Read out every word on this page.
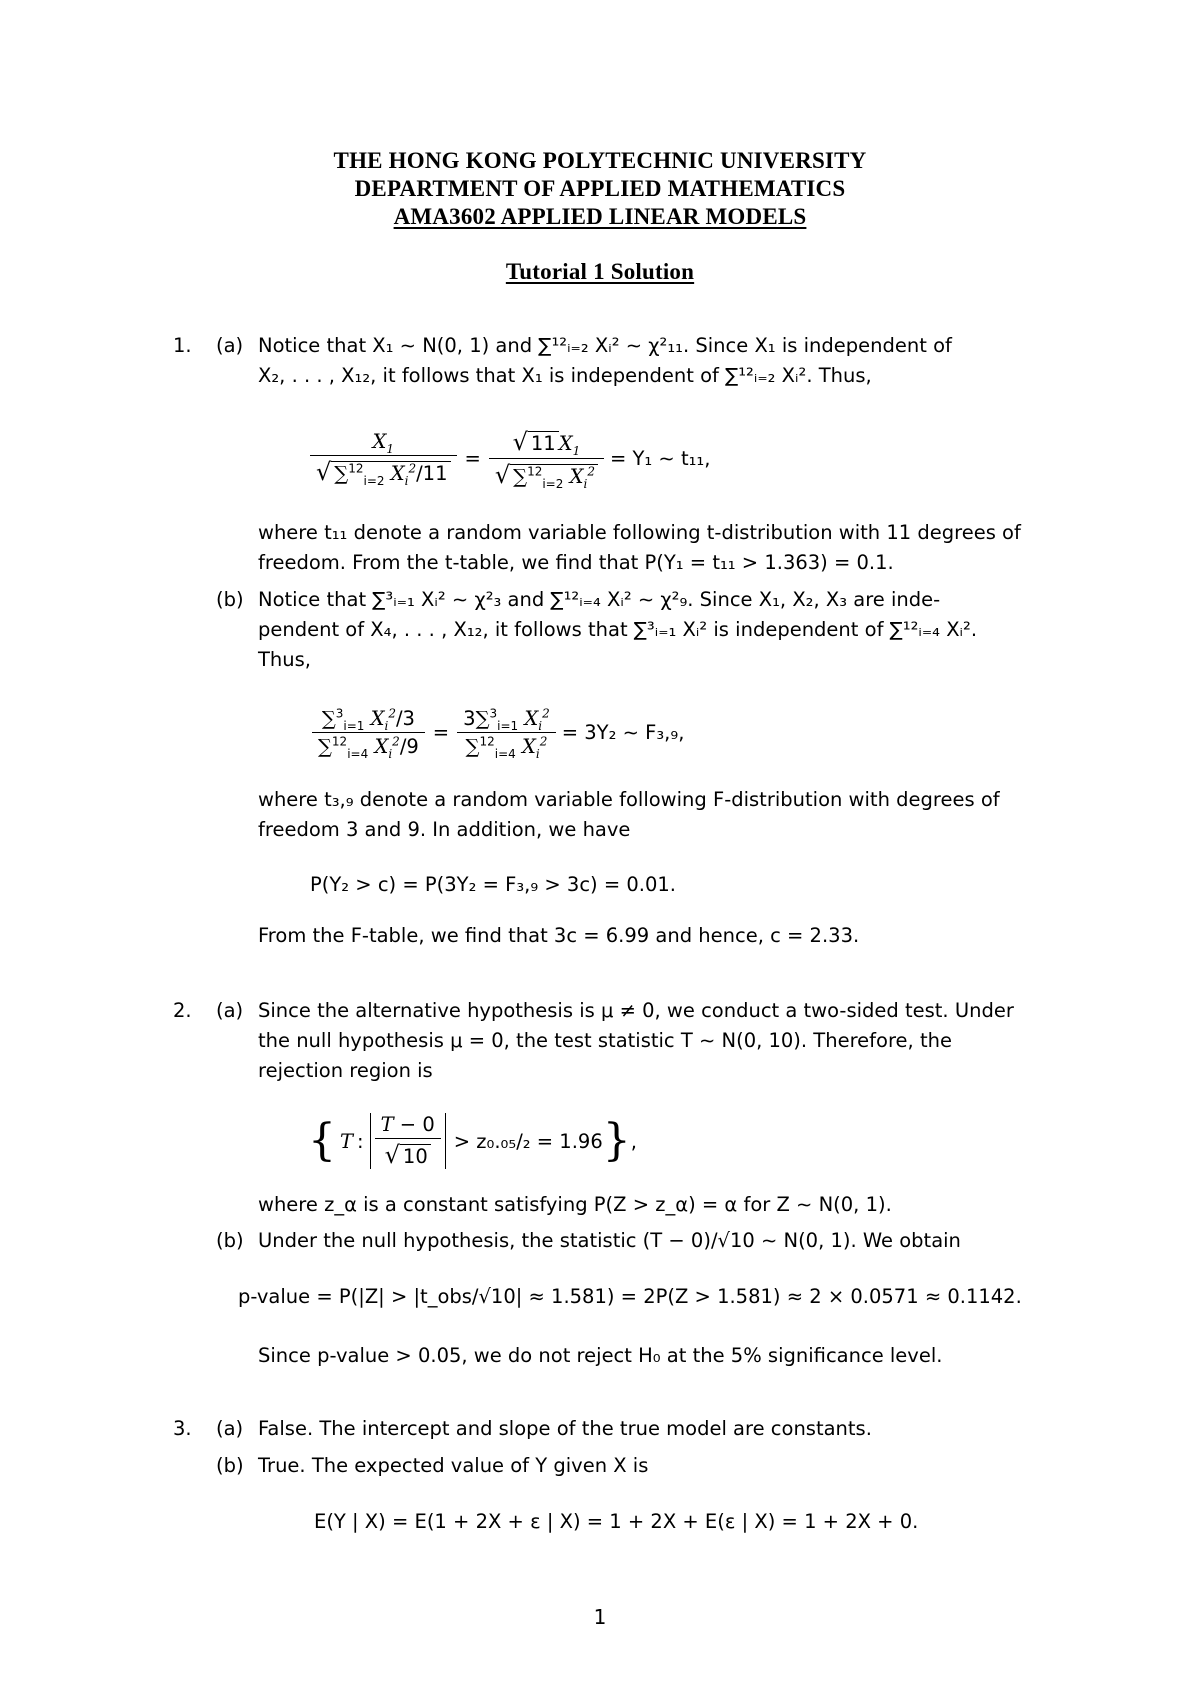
THE HONG KONG POLYTECHNIC UNIVERSITY
DEPARTMENT OF APPLIED MATHEMATICS
AMA3602 APPLIED LINEAR MODELS
Tutorial 1 Solution
1. (a) Notice that X₁ ∼ N(0, 1) and ∑¹²ᵢ₌₂ Xᵢ² ∼ χ²₁₁. Since X₁ is independent of
X₂, . . . , X₁₂, it follows that X₁ is independent of ∑¹²ᵢ₌₂ Xᵢ². Thus,
$\frac{X_1}{√ \sum^{12}_{i=2} X_i^2/11} = \frac{√ 11 X_1}{√ \sum^{12}_{i=2} X_i^2} = Y_1$ ∼ t₁₁,
where t₁₁ denote a random variable following t-distribution with 11 degrees of
freedom. From the t-table, we find that P(Y₁ = t₁₁ > 1.363) = 0.1.
(b) Notice that ∑³ᵢ₌₁ Xᵢ² ∼ χ²₃ and ∑¹²ᵢ₌₄ Xᵢ² ∼ χ²₉. Since X₁, X₂, X₃ are inde-
pendent of X₄, . . . , X₁₂, it follows that ∑³ᵢ₌₁ Xᵢ² is independent of ∑¹²ᵢ₌₄ Xᵢ².
Thus,
$\frac{\sum^3_{i=1} X_i^2/3}{\sum^{12}_{i=4} X_i^2/9} = \frac{3\sum^3_{i=1} X_i^2}{\sum^{12}_{i=4} X_i^2} = 3Y_2$ ∼ F₃,₉,
where t₃,₉ denote a random variable following F-distribution with degrees of
freedom 3 and 9. In addition, we have
P(Y₂ > c) = P(3Y₂ = F₃,₉ > 3c) = 0.01.
From the F-table, we find that 3c = 6.99 and hence, c = 2.33.
2. (a) Since the alternative hypothesis is μ ≠ 0, we conduct a two-sided test. Under
the null hypothesis μ = 0, the test statistic T ∼ N(0, 10). Therefore, the
rejection region is
{ T : $\frac{T - 0}{√ 10} > z_0._{05}/_2 = 1.96$ } ,
where z_α is a constant satisfying P(Z > z_α) = α for Z ∼ N(0, 1).
(b) Under the null hypothesis, the statistic (T − 0)/√10 ∼ N(0, 1). We obtain
p-value = P(|Z| > |t_obs/√10| ≈ 1.581) = 2P(Z > 1.581) ≈ 2 × 0.0571 ≈ 0.1142.
Since p-value > 0.05, we do not reject H₀ at the 5% significance level.
3. (a) False. The intercept and slope of the true model are constants.
(b) True. The expected value of Y given X is
E(Y | X) = E(1 + 2X + ε | X) = 1 + 2X + E(ε | X) = 1 + 2X + 0.
1
